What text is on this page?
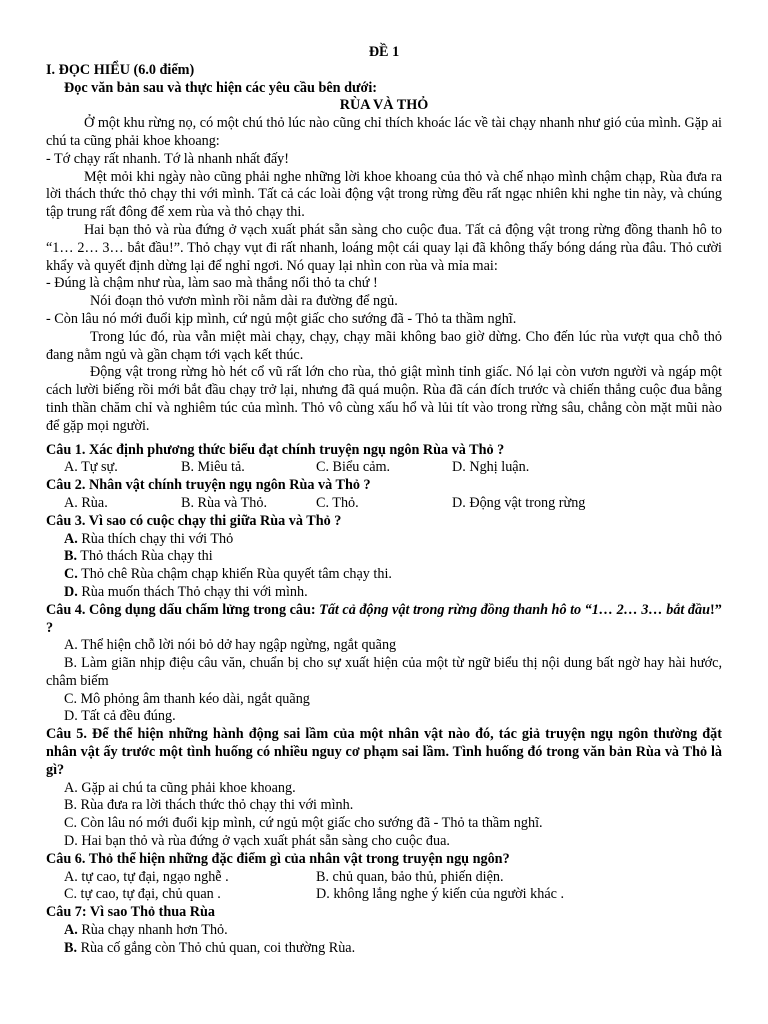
ĐỀ 1

I. ĐỌC HIỂU (6.0 điểm)

Đọc văn bản sau và thực hiện các yêu cầu bên dưới:

RÙA VÀ THỎ

Ở một khu rừng nọ, có một chú thỏ lúc nào cũng chỉ thích khoác lác về tài chạy nhanh như gió của mình. Gặp ai chú ta cũng phải khoe khoang:

- Tớ chạy rất nhanh. Tớ là nhanh nhất đấy!

Mệt mỏi khi ngày nào cũng phải nghe những lời khoe khoang của thỏ và chế nhạo mình chậm chạp, Rùa đưa ra lời thách thức thỏ chạy thi với mình. Tất cả các loài động vật trong rừng đều rất ngạc nhiên khi nghe tin này, và chúng tập trung rất đông để xem rùa và thỏ chạy thi.

Hai bạn thỏ và rùa đứng ở vạch xuất phát sẵn sàng cho cuộc đua. Tất cả động vật trong rừng đồng thanh hô to “1… 2… 3… bắt đầu!”. Thỏ chạy vụt đi rất nhanh, loáng một cái quay lại đã không thấy bóng dáng rùa đâu. Thỏ cười khẩy và quyết định dừng lại để nghỉ ngơi. Nó quay lại nhìn con rùa và mỉa mai:

- Đúng là chậm như rùa, làm sao mà thắng nổi thỏ ta chứ !

Nói đoạn thỏ vươn mình rồi nằm dài ra đường để ngủ.

- Còn lâu nó mới đuổi kịp mình, cứ ngủ một giấc cho sướng đã - Thỏ ta thầm nghĩ.

Trong lúc đó, rùa vẫn miệt mài chạy, chạy, chạy mãi không bao giờ dừng. Cho đến lúc rùa vượt qua chỗ thỏ đang nằm ngủ và gần chạm tới vạch kết thúc.

Động vật trong rừng hò hét cổ vũ rất lớn cho rùa, thỏ giật mình tỉnh giấc. Nó lại còn vươn người và ngáp một cách lười biếng rồi mới bắt đầu chạy trở lại, nhưng đã quá muộn. Rùa đã cán đích trước và chiến thắng cuộc đua bằng tinh thần chăm chỉ và nghiêm túc của mình. Thỏ vô cùng xấu hổ và lủi tít vào trong rừng sâu, chẳng còn mặt mũi nào để gặp mọi người.

Câu 1. Xác định phương thức biểu đạt chính truyện ngụ ngôn Rùa và Thỏ ?

A. Tự sự.	B. Miêu tả.	C. Biểu cảm.	D. Nghị luận.

Câu 2. Nhân vật chính truyện ngụ ngôn Rùa và Thỏ ?

A. Rùa.	B. Rùa và Thỏ.	C. Thỏ.	D. Động vật trong rừng

Câu 3. Vì sao có cuộc chạy thi giữa Rùa và Thỏ ?

A. Rùa thích chạy thi với Thỏ

B. Thỏ thách Rùa chạy thi

C. Thỏ chê Rùa chậm chạp khiến Rùa quyết tâm chạy thi.

D. Rùa muốn thách Thỏ chạy thi với mình.

Câu 4. Công dụng dấu chấm lửng trong câu: Tất cả động vật trong rừng đồng thanh hô to “1… 2… 3… bắt đầu!” ?

A. Thể hiện chỗ lời nói bỏ dở hay ngập ngừng, ngắt quãng

B. Làm giãn nhịp điệu câu văn, chuẩn bị cho sự xuất hiện của một từ ngữ biểu thị nội dung bất ngờ hay hài hước, châm biếm

C. Mô phỏng âm thanh kéo dài, ngắt quãng

D. Tất cả đều đúng.

Câu 5. Để thể hiện những hành động sai lầm của một nhân vật nào đó, tác giả truyện ngụ ngôn thường đặt nhân vật ấy trước một tình huống có nhiều nguy cơ phạm sai lầm. Tình huống đó trong văn bản Rùa và Thỏ là gì?

A. Gặp ai chú ta cũng phải khoe khoang.

B. Rùa đưa ra lời thách thức thỏ chạy thi với mình.

C. Còn lâu nó mới đuổi kịp mình, cứ ngủ một giấc cho sướng đã - Thỏ ta thầm nghĩ.

D. Hai bạn thỏ và rùa đứng ở vạch xuất phát sẵn sàng cho cuộc đua.

Câu 6. Thỏ thể hiện những đặc điểm gì của nhân vật trong truyện ngụ ngôn?

A. tự cao, tự đại, ngạo nghễ .	B. chủ quan, bảo thủ, phiến diện.
C. tự cao, tự đại, chủ quan .	D. không lắng nghe ý kiến của người khác .

Câu 7: Vì sao Thỏ thua Rùa

A. Rùa chạy nhanh hơn Thỏ.

B. Rùa cố gắng còn Thỏ chủ quan, coi thường Rùa.
